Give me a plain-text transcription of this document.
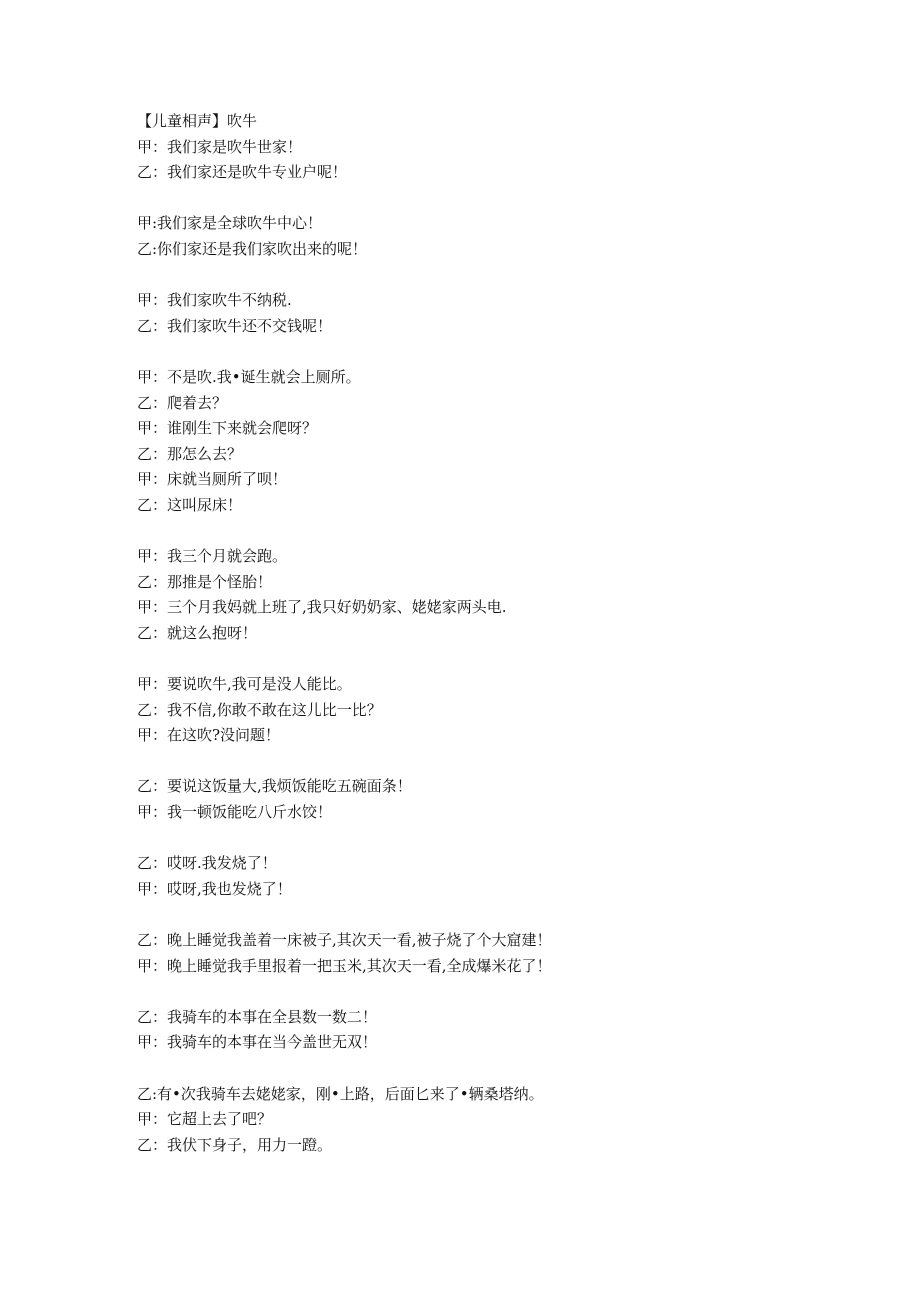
【儿童相声】吹牛
甲：我们家是吹牛世家！
乙：我们家还是吹牛专业户呢！
甲:我们家是全球吹牛中心！
乙:你们家还是我们家吹出来的呢！
甲：我们家吹牛不纳税.
乙：我们家吹牛还不交钱呢！
甲：不是吹.我•诞生就会上厕所。
乙：爬着去？
甲：谁刚生下来就会爬呀？
乙：那怎么去？
甲：床就当厕所了呗！
乙：这叫尿床！
甲：我三个月就会跑。
乙：那推是个怪胎！
甲：三个月我妈就上班了,我只好奶奶家、姥姥家两头电.
乙：就这么抱呀！
甲：要说吹牛,我可是没人能比。
乙：我不信,你敢不敢在这儿比一比？
甲：在这吹?没问题！
乙：要说这饭量大,我烦饭能吃五碗面条！
甲：我一顿饭能吃八斤水饺！
乙：哎呀.我发烧了！
甲：哎呀,我也发烧了！
乙：晚上睡觉我盖着一床被子,其次天一看,被子烧了个大窟建！
甲：晚上睡觉我手里报着一把玉米,其次天一看,全成爆米花了！
乙：我骑车的本事在全县数一数二！
甲：我骑车的本事在当今盖世无双！
乙:有•次我骑车去姥姥家，刚•上路，后面匕来了•辆桑塔纳。
甲：它超上去了吧？
乙：我伏下身子，用力一蹬。
